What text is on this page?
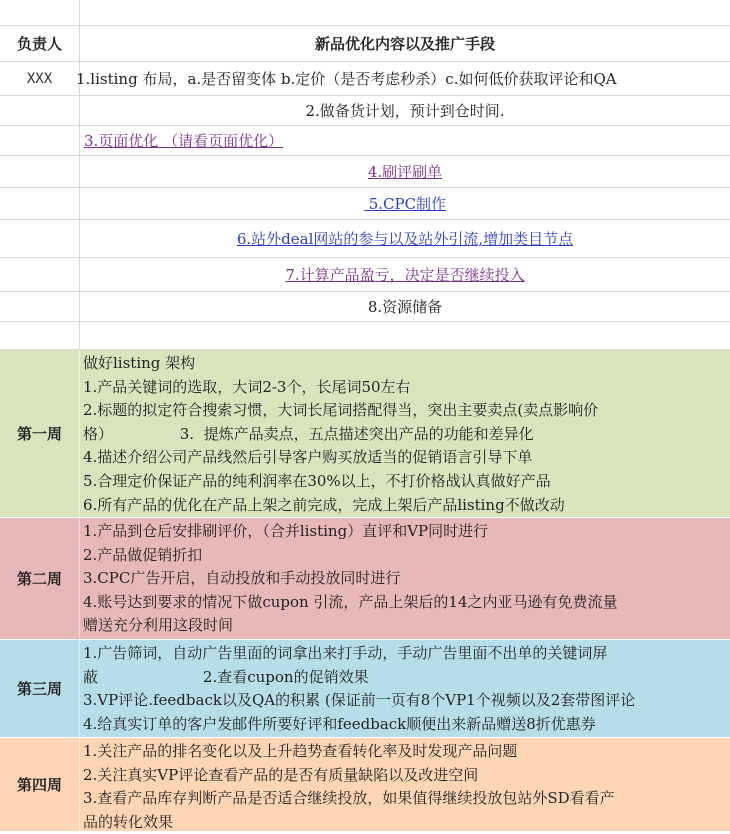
负责人	新品优化内容以及推广手段
XXX	1.listing 布局，a.是否留变体 b.定价（是否考虑秒杀）c.如何低价获取评论和QA
2.做备货计划，预计到仓时间.
3.页面优化 （请看页面优化）
4.刷评刷单
5.CPC制作
6.站外deal网站的参与以及站外引流,增加类目节点
7.计算产品盈亏，决定是否继续投入
8.资源储备
第一周
做好listing 架构
1.产品关键词的选取，大词2-3个，长尾词50左右
2.标题的拟定符合搜索习惯，大词长尾词搭配得当，突出主要卖点(卖点影响价
格）              3.  提炼产品卖点，五点描述突出产品的功能和差异化
4.描述介绍公司产品线然后引导客户购买放适当的促销语言引导下单
5.合理定价保证产品的纯利润率在30%以上，不打价格战认真做好产品
6.所有产品的优化在产品上架之前完成，完成上架后产品listing不做改动
第二周
1.产品到仓后安排刷评价，（合并listing）直评和VP同时进行
2.产品做促销折扣
3.CPC广告开启，自动投放和手动投放同时进行
4.账号达到要求的情况下做cupon 引流，产品上架后的14之内亚马逊有免费流量
赠送充分利用这段时间
第三周
1.广告筛词，自动广告里面的词拿出来打手动，手动广告里面不出单的关键词屏
蔽                      2.查看cupon的促销效果
3.VP评论.feedback以及QA的积累 (保证前一页有8个VP1个视频以及2套带图评论
4.给真实订单的客户发邮件所要好评和feedback顺便出来新品赠送8折优惠券
第四周
1.关注产品的排名变化以及上升趋势查看转化率及时发现产品问题
2.关注真实VP评论查看产品的是否有质量缺陷以及改进空间
3.查看产品库存判断产品是否适合继续投放，如果值得继续投放包站外SD看看产
品的转化效果
